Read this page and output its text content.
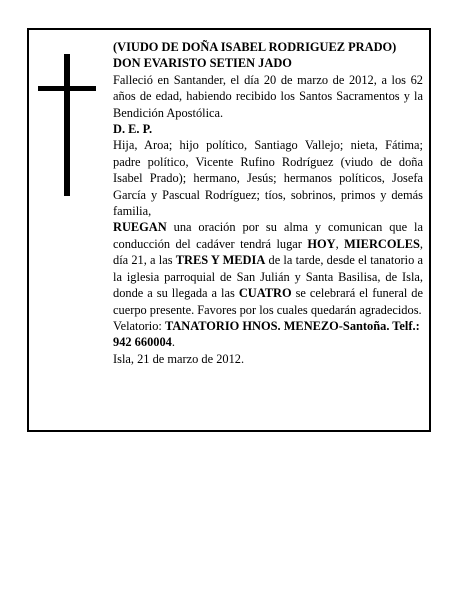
(VIUDO DE DOÑA ISABEL RODRIGUEZ PRADO)

DON EVARISTO SETIEN JADO

Falleció en Santander, el día 20 de marzo de 2012, a los 62 años de edad, habiendo recibido los Santos Sacramentos y la Bendición Apostólica.

D. E. P.

Hija, Aroa; hijo político, Santiago Vallejo; nieta, Fátima; padre político, Vicente Rufino Rodríguez (viudo de doña Isabel Prado); hermano, Jesús; hermanos políticos, Josefa García y Pascual Rodríguez; tíos, sobrinos, primos y demás familia,

RUEGAN una oración por su alma y comunican que la conducción del cadáver tendrá lugar HOY, MIERCOLES, día 21, a las TRES Y MEDIA de la tarde, desde el tanatorio a la iglesia parroquial de San Julián y Santa Basilisa, de Isla, donde a su llegada a las CUATRO se celebrará el funeral de cuerpo presente. Favores por los cuales quedarán agradecidos.

Velatorio: TANATORIO HNOS. MENEZO-Santoña. Telf.: 942 660004.

Isla, 21 de marzo de 2012.
